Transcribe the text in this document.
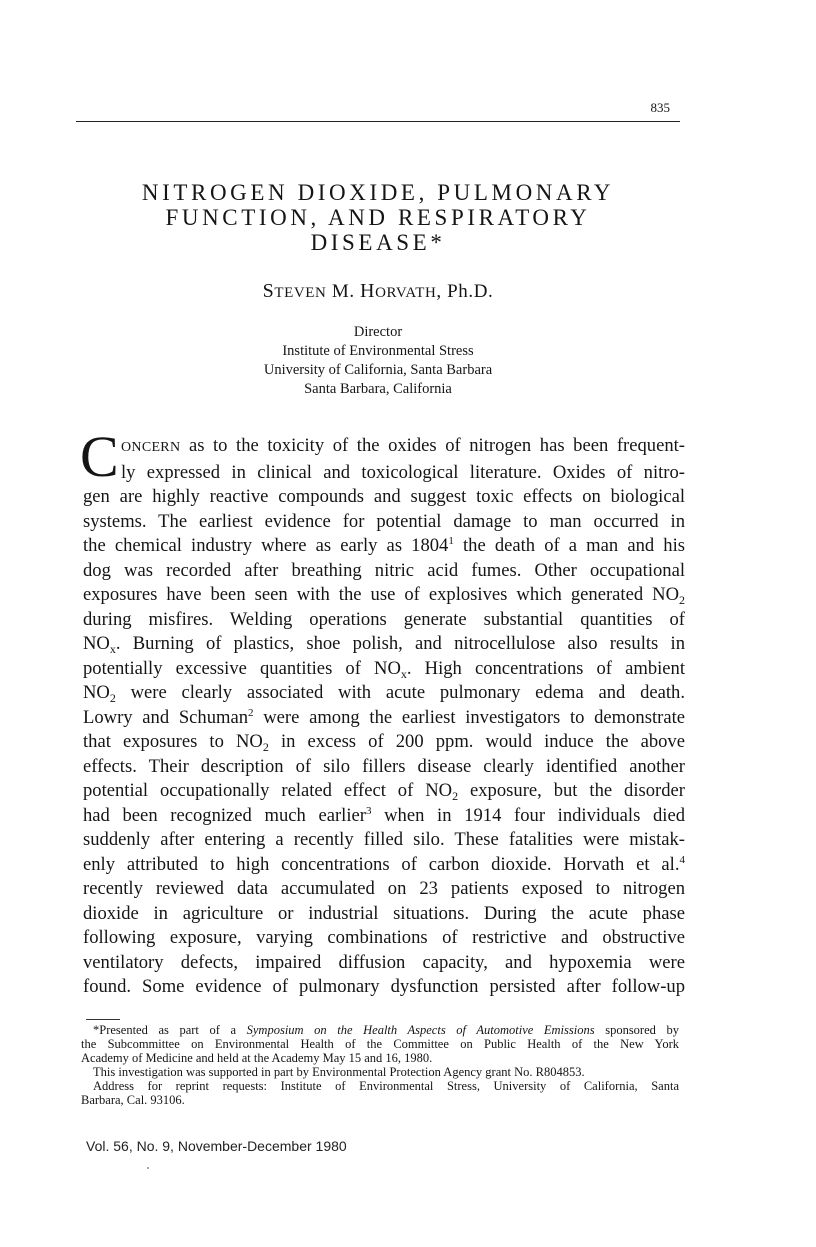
835
NITROGEN DIOXIDE, PULMONARY
FUNCTION, AND RESPIRATORY
DISEASE*
STEVEN M. HORVATH, Ph.D.
Director
Institute of Environmental Stress
University of California, Santa Barbara
Santa Barbara, California
C ONCERN as to the toxicity of the oxides of nitrogen has been frequent-
ly expressed in clinical and toxicological literature. Oxides of nitro-
gen are highly reactive compounds and suggest toxic effects on biological
systems. The earliest evidence for potential damage to man occurred in
the chemical industry where as early as 1804$^1$ the death of a man and his
dog was recorded after breathing nitric acid fumes. Other occupational
exposures have been seen with the use of explosives which generated $NO_2$
during misfires. Welding operations generate substantial quantities of
$NO_x$. Burning of plastics, shoe polish, and nitrocellulose also results in
potentially excessive quantities of $NO_x$. High concentrations of ambient
$NO_2$ were clearly associated with acute pulmonary edema and death.
Lowry and Schuman$^2$ were among the earliest investigators to demonstrate
that exposures to $NO_2$ in excess of 200 ppm. would induce the above
effects. Their description of silo fillers disease clearly identified another
potential occupationally related effect of $NO_2$ exposure, but the disorder
had been recognized much earlier$^3$ when in 1914 four individuals died
suddenly after entering a recently filled silo. These fatalities were mistak-
enly attributed to high concentrations of carbon dioxide. Horvath et al.$^4$
recently reviewed data accumulated on 23 patients exposed to nitrogen
dioxide in agriculture or industrial situations. During the acute phase
following exposure, varying combinations of restrictive and obstructive
ventilatory defects, impaired diffusion capacity, and hypoxemia were
found. Some evidence of pulmonary dysfunction persisted after follow-up
*Presented as part of a Symposium on the Health Aspects of Automotive Emissions sponsored by
the Subcommittee on Environmental Health of the Committee on Public Health of the New York
Academy of Medicine and held at the Academy May 15 and 16, 1980.
This investigation was supported in part by Environmental Protection Agency grant No. R804853.
Address for reprint requests: Institute of Environmental Stress, University of California, Santa
Barbara, Cal. 93106.
Vol. 56, No. 9, November-December 1980
